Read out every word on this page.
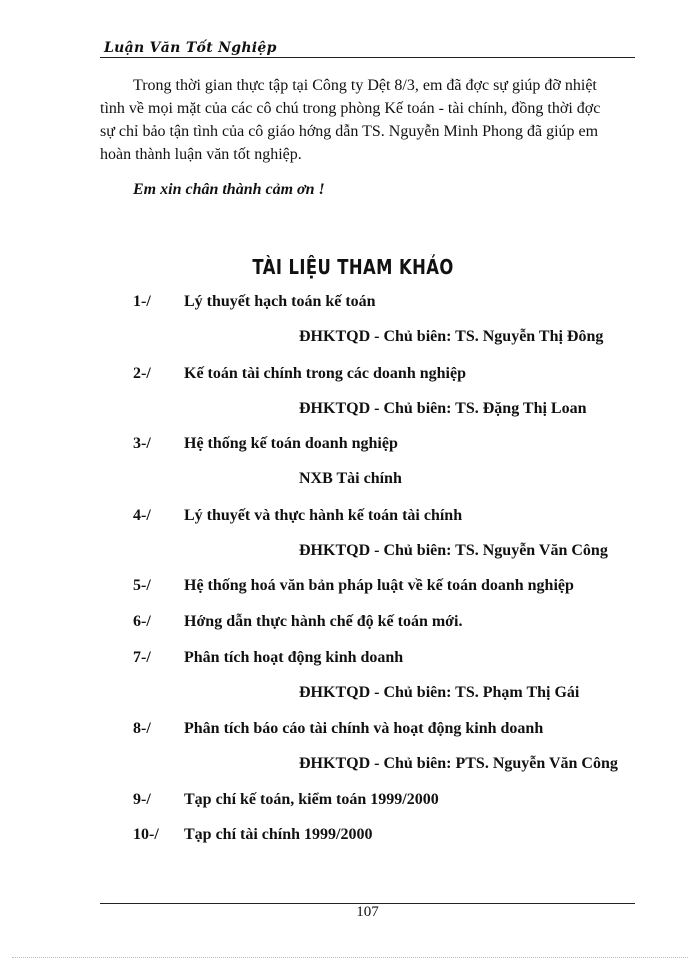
Luận Văn Tốt Nghiệp
Trong thời gian thực tập tại Công ty Dệt 8/3, em đã đợc sự giúp đỡ nhiệt
tình về mọi mặt của các cô chú trong phòng Kế toán - tài chính, đồng thời đợc
sự chỉ bảo tận tình của cô giáo hớng dẫn TS. Nguyễn Minh Phong đã giúp em
hoàn thành luận văn tốt nghiệp.
Em xin chân thành cảm ơn !
TÀI LIỆU THAM KHẢO
1-/ Lý thuyết hạch toán kế toán
ĐHKTQD - Chủ biên: TS. Nguyễn Thị Đông
2-/ Kế toán tài chính trong các doanh nghiệp
ĐHKTQD - Chủ biên: TS. Đặng Thị Loan
3-/ Hệ thống kế toán doanh nghiệp
NXB Tài chính
4-/ Lý thuyết và thực hành kế toán tài chính
ĐHKTQD - Chủ biên: TS. Nguyễn Văn Công
5-/ Hệ thống hoá văn bản pháp luật về kế toán doanh nghiệp
6-/ Hớng dẫn thực hành chế độ kế toán mới.
7-/ Phân tích hoạt động kinh doanh
ĐHKTQD - Chủ biên: TS. Phạm Thị Gái
8-/ Phân tích báo cáo tài chính và hoạt động kinh doanh
ĐHKTQD - Chủ biên: PTS. Nguyễn Văn Công
9-/ Tạp chí kế toán, kiểm toán 1999/2000
10-/ Tạp chí tài chính 1999/2000
107
